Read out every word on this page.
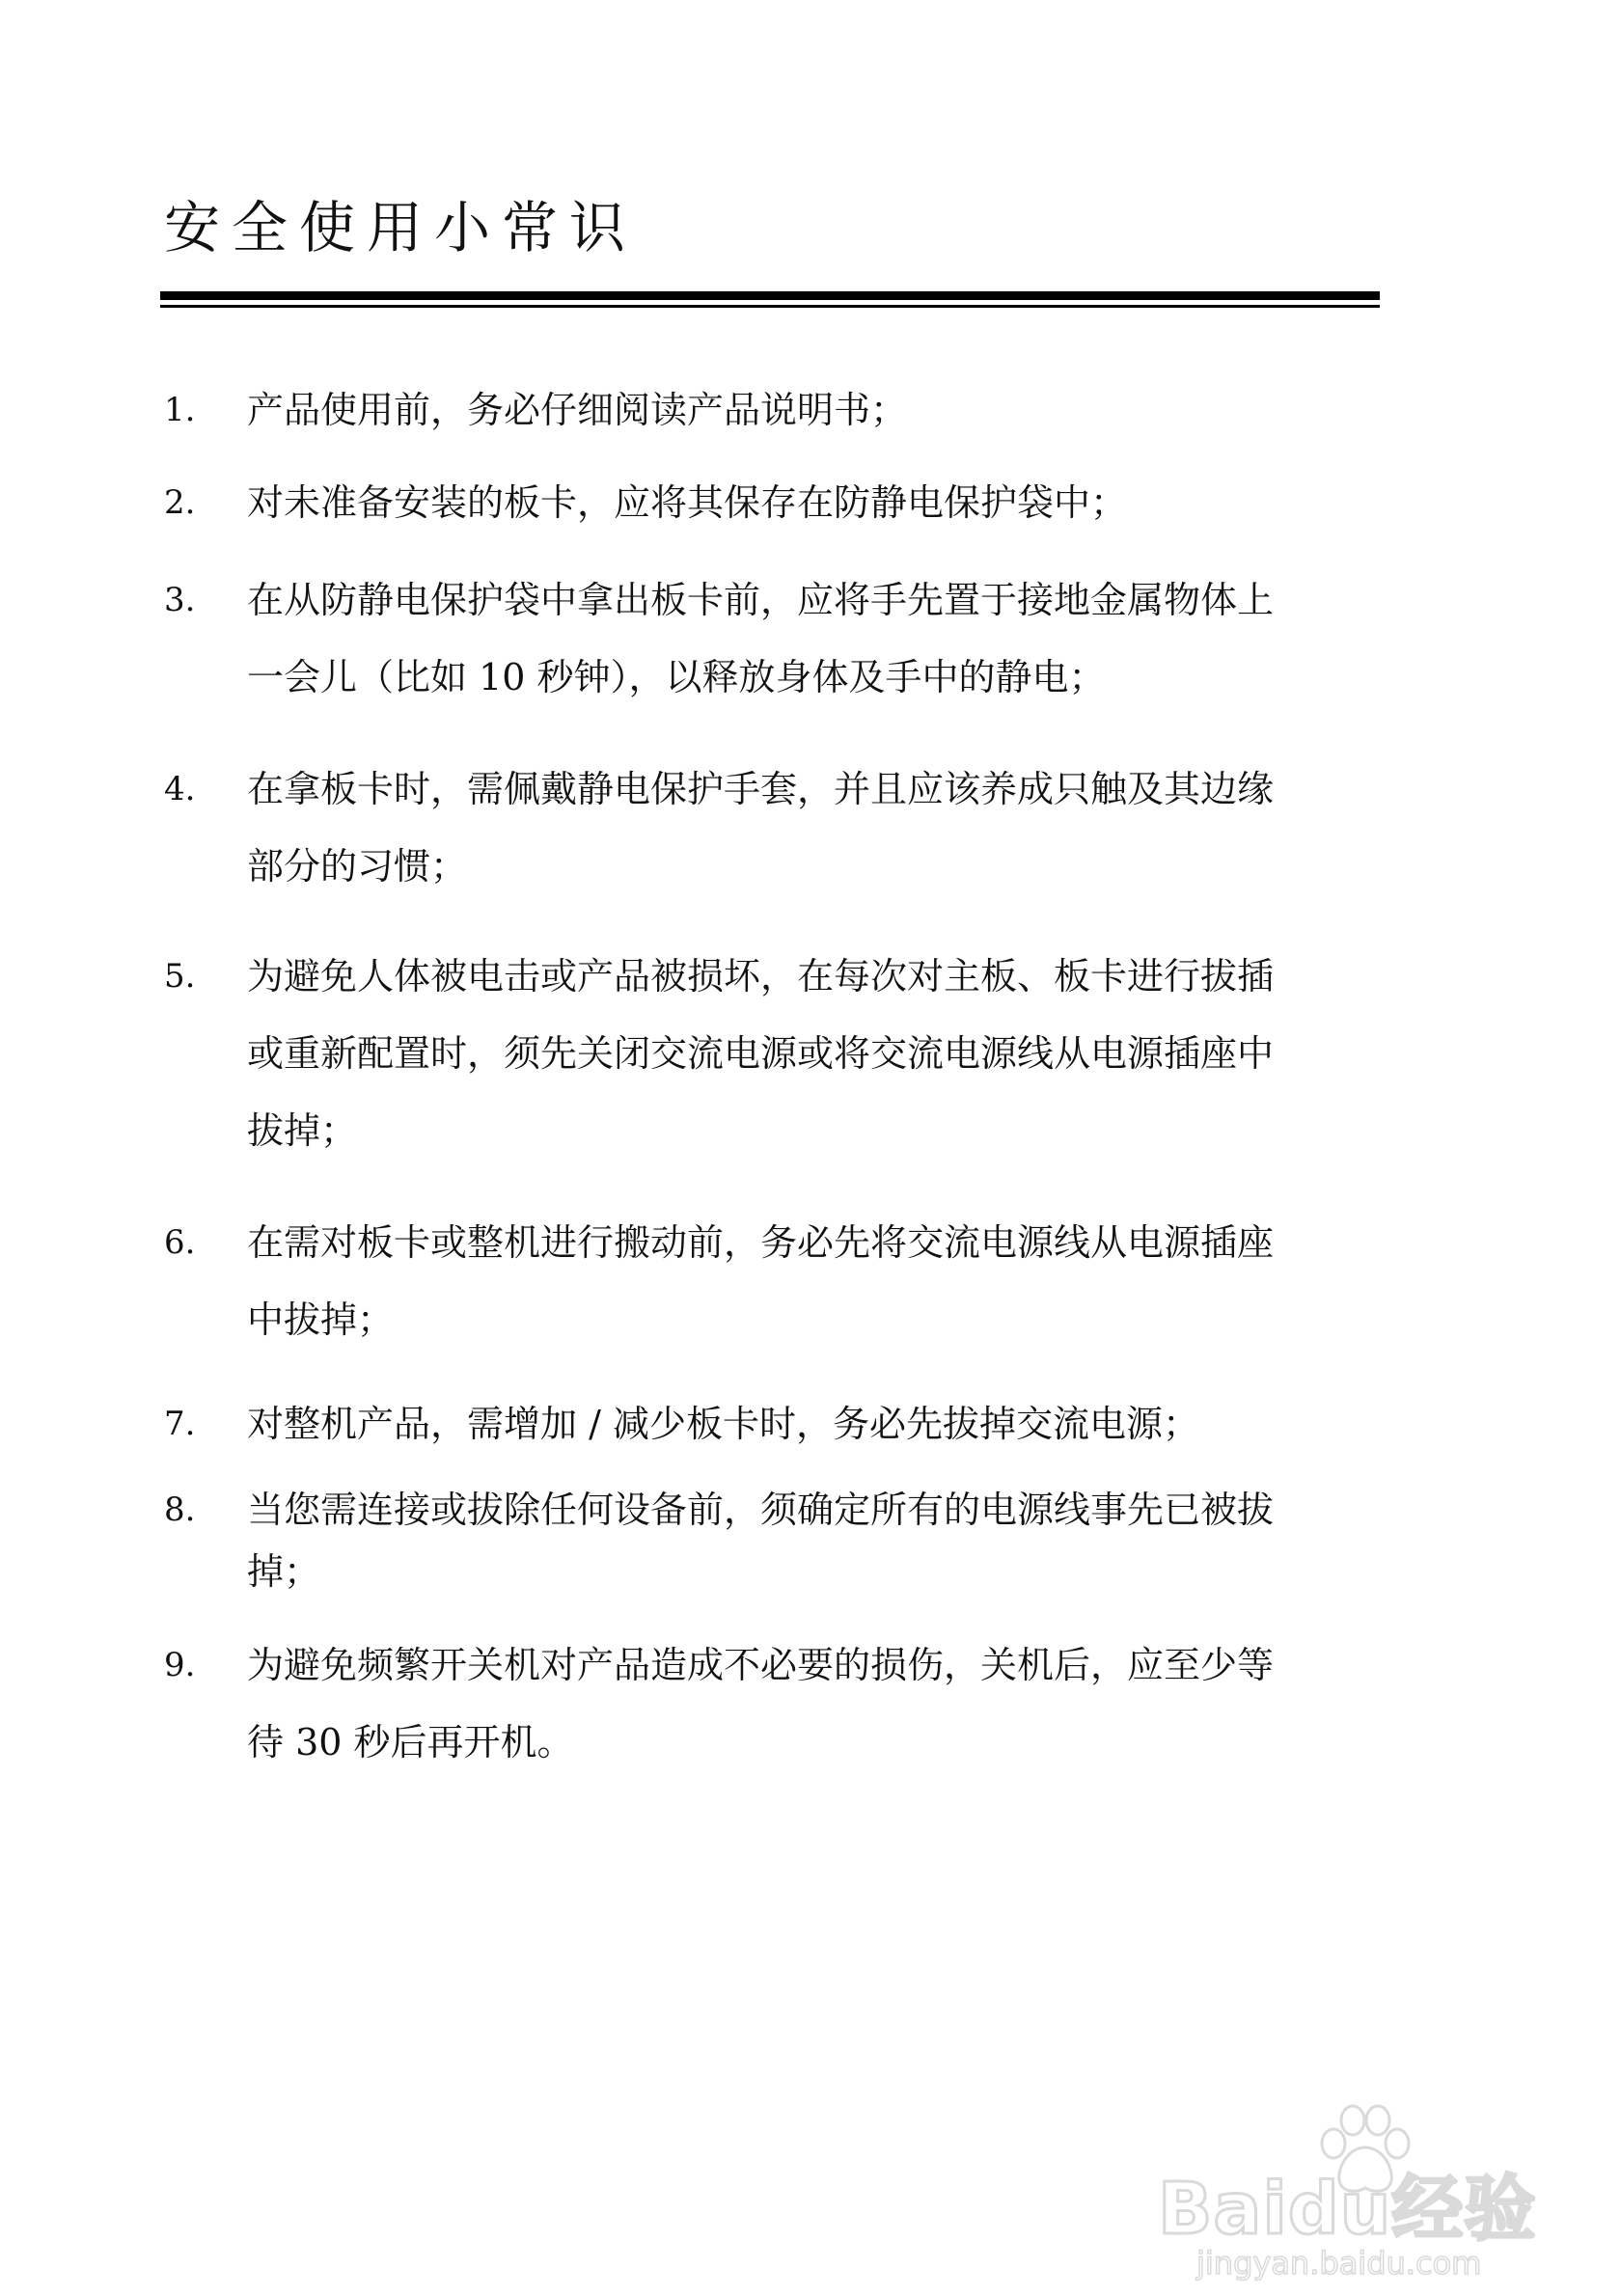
安全使用小常识
1. 产品使用前，务必仔细阅读产品说明书；
2. 对未准备安装的板卡，应将其保存在防静电保护袋中；
3. 在从防静电保护袋中拿出板卡前，应将手先置于接地金属物体上
一会儿（比如 10 秒钟），以释放身体及手中的静电；
4. 在拿板卡时，需佩戴静电保护手套，并且应该养成只触及其边缘
部分的习惯；
5. 为避免人体被电击或产品被损坏，在每次对主板、板卡进行拔插
或重新配置时，须先关闭交流电源或将交流电源线从电源插座中
拔掉；
6. 在需对板卡或整机进行搬动前，务必先将交流电源线从电源插座
中拔掉；
7. 对整机产品，需增加 / 减少板卡时，务必先拔掉交流电源；
8. 当您需连接或拔除任何设备前，须确定所有的电源线事先已被拔
掉；
9. 为避免频繁开关机对产品造成不必要的损伤，关机后，应至少等
待 30 秒后再开机。
Baidu经验
jingyan.baidu.com
